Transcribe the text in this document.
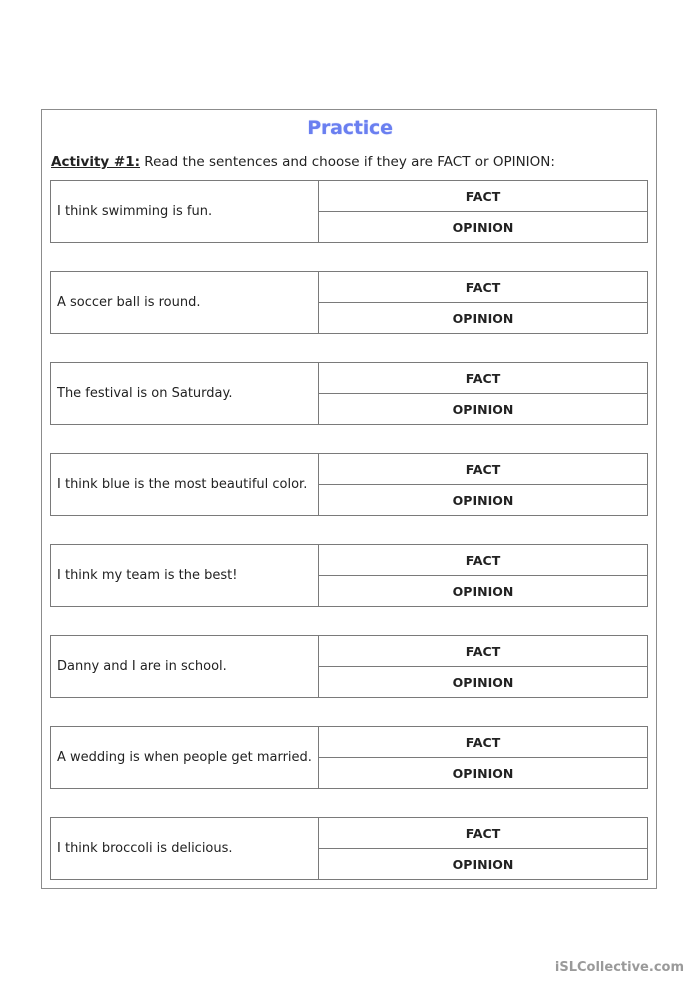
Practice
Activity #1: Read the sentences and choose if they are FACT or OPINION:
I think swimming is fun.
FACT
OPINION
A soccer ball is round.
FACT
OPINION
The festival is on Saturday.
FACT
OPINION
I think blue is the most beautiful color.
FACT
OPINION
I think my team is the best!
FACT
OPINION
Danny and I are in school.
FACT
OPINION
A wedding is when people get married.
FACT
OPINION
I think broccoli is delicious.
FACT
OPINION
iSLCollective.com
